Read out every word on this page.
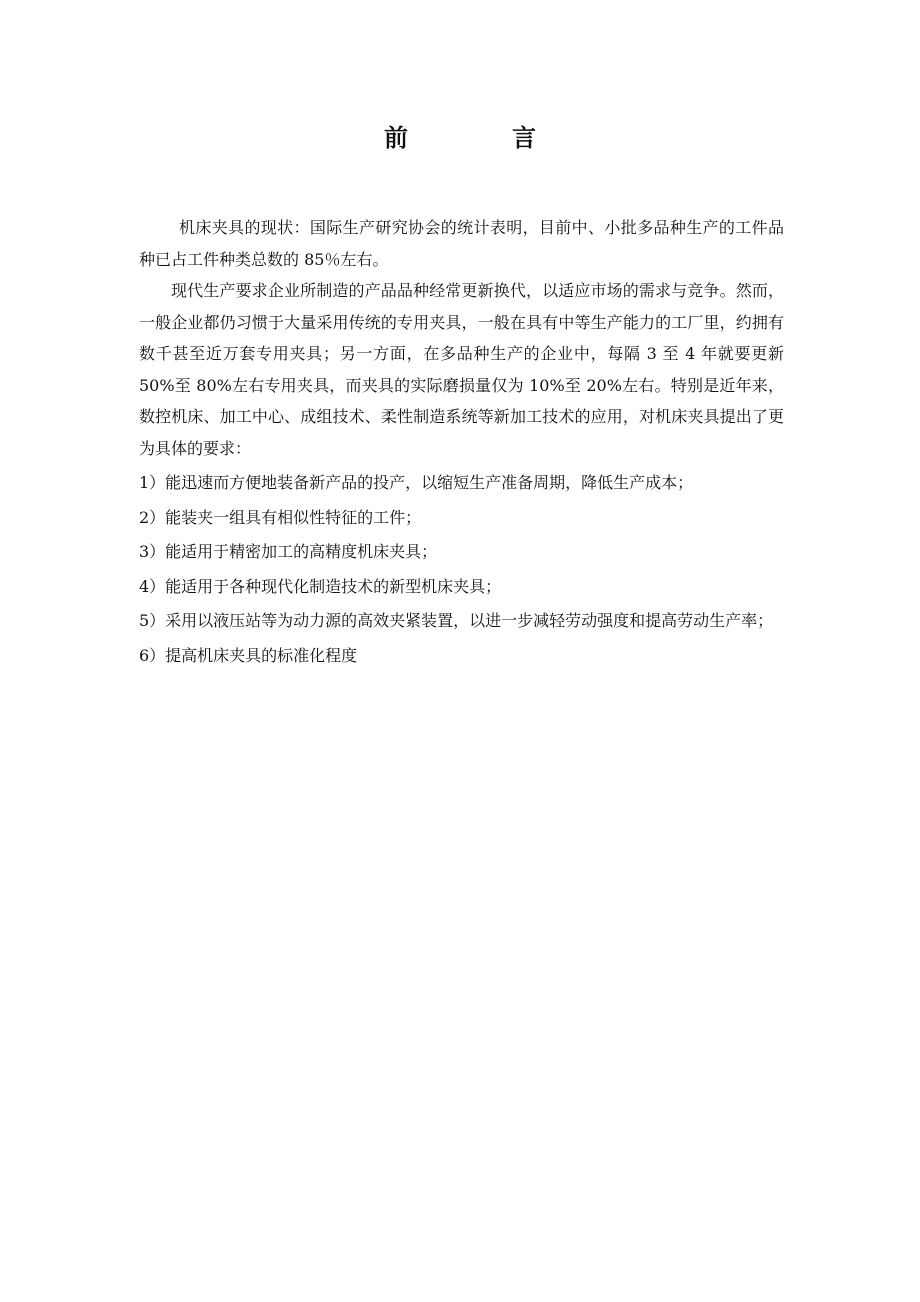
前　言

机床夹具的现状：国际生产研究协会的统计表明，目前中、小批多品种生产的工件品种已占工件种类总数的 85％左右。

现代生产要求企业所制造的产品品种经常更新换代，以适应市场的需求与竞争。然而，一般企业都仍习惯于大量采用传统的专用夹具，一般在具有中等生产能力的工厂里，约拥有数千甚至近万套专用夹具；另一方面，在多品种生产的企业中，每隔 3 至 4 年就要更新 50%至 80%左右专用夹具，而夹具的实际磨损量仅为 10%至 20%左右。特别是近年来，数控机床、加工中心、成组技术、柔性制造系统等新加工技术的应用，对机床夹具提出了更为具体的要求：

1）能迅速而方便地装备新产品的投产，以缩短生产准备周期，降低生产成本；

2）能装夹一组具有相似性特征的工件；

3）能适用于精密加工的高精度机床夹具；

4）能适用于各种现代化制造技术的新型机床夹具；

5）采用以液压站等为动力源的高效夹紧装置，以进一步减轻劳动强度和提高劳动生产率；

6）提高机床夹具的标准化程度
